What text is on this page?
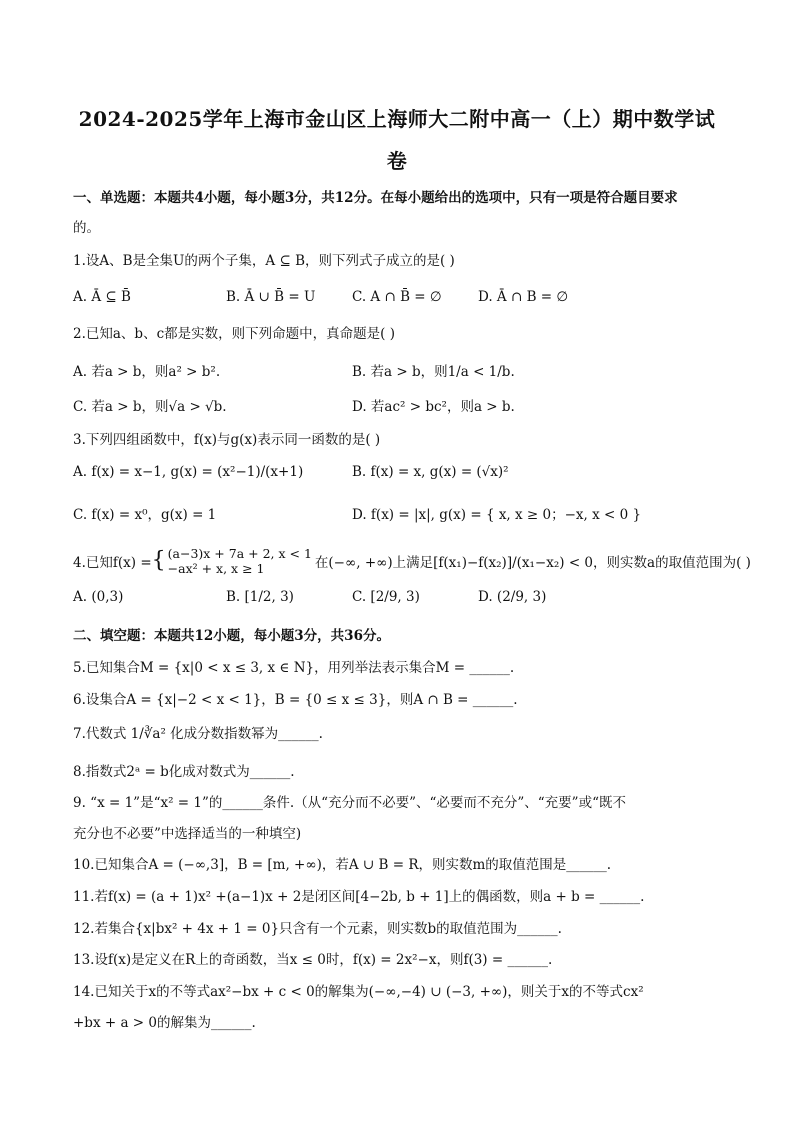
2024-2025学年上海市金山区上海师大二附中高一（上）期中数学试
卷
一、单选题：本题共4小题，每小题3分，共12分。在每小题给出的选项中，只有一项是符合题目要求
的。
1.设A、B是全集U的两个子集，A ⊆ B，则下列式子成立的是( )
A. Ā ⊆ B̄	B. Ā ∪ B̄ = U	C. A ∩ B̄ = ∅	D. Ā ∩ B = ∅
2.已知a、b、c都是实数，则下列命题中，真命题是( )
A. 若a > b，则a² > b².	B. 若a > b，则1/a < 1/b.
C. 若a > b，则√a > √b.	D. 若ac² > bc²，则a > b.
3.下列四组函数中，f(x)与g(x)表示同一函数的是( )
A. f(x) = x−1, g(x) = (x²−1)/(x+1)	B. f(x) = x, g(x) = (√x)²
C. f(x) = x⁰，g(x) = 1	D. f(x) = |x|, g(x) = { x, x ≥ 0；−x, x < 0 }
4.已知f(x) = { (a−3)x + 7a + 2, x < 1
−ax² + x, x ≥ 1	在(−∞, +∞)上满足[f(x₁)−f(x₂)]/(x₁−x₂) < 0，则实数a的取值范围为( )
A. (0,3)	B. [1/2, 3)	C. [2/9, 3)	D. (2/9, 3)
二、填空题：本题共12小题，每小题3分，共36分。
5.已知集合M = {x|0 < x ≤ 3, x ∈ N}，用列举法表示集合M = ______.
6.设集合A = {x|−2 < x < 1}，B = {0 ≤ x ≤ 3}，则A ∩ B = ______.
7.代数式 1/∛a² 化成分数指数幂为______.
8.指数式2ᵃ = b化成对数式为______.
9. “x = 1”是“x² = 1”的______条件.（从“充分而不必要”、“必要而不充分”、“充要”或“既不
充分也不必要”中选择适当的一种填空)
10.已知集合A = (−∞,3]，B = [m, +∞)，若A ∪ B = R，则实数m的取值范围是______.
11.若f(x) = (a + 1)x² +(a−1)x + 2是闭区间[4−2b, b + 1]上的偶函数，则a + b = ______.
12.若集合{x|bx² + 4x + 1 = 0}只含有一个元素，则实数b的取值范围为______.
13.设f(x)是定义在R上的奇函数，当x ≤ 0时，f(x) = 2x²−x，则f(3) = ______.
14.已知关于x的不等式ax²−bx + c < 0的解集为(−∞,−4) ∪ (−3, +∞)，则关于x的不等式cx²
+bx + a > 0的解集为______.
